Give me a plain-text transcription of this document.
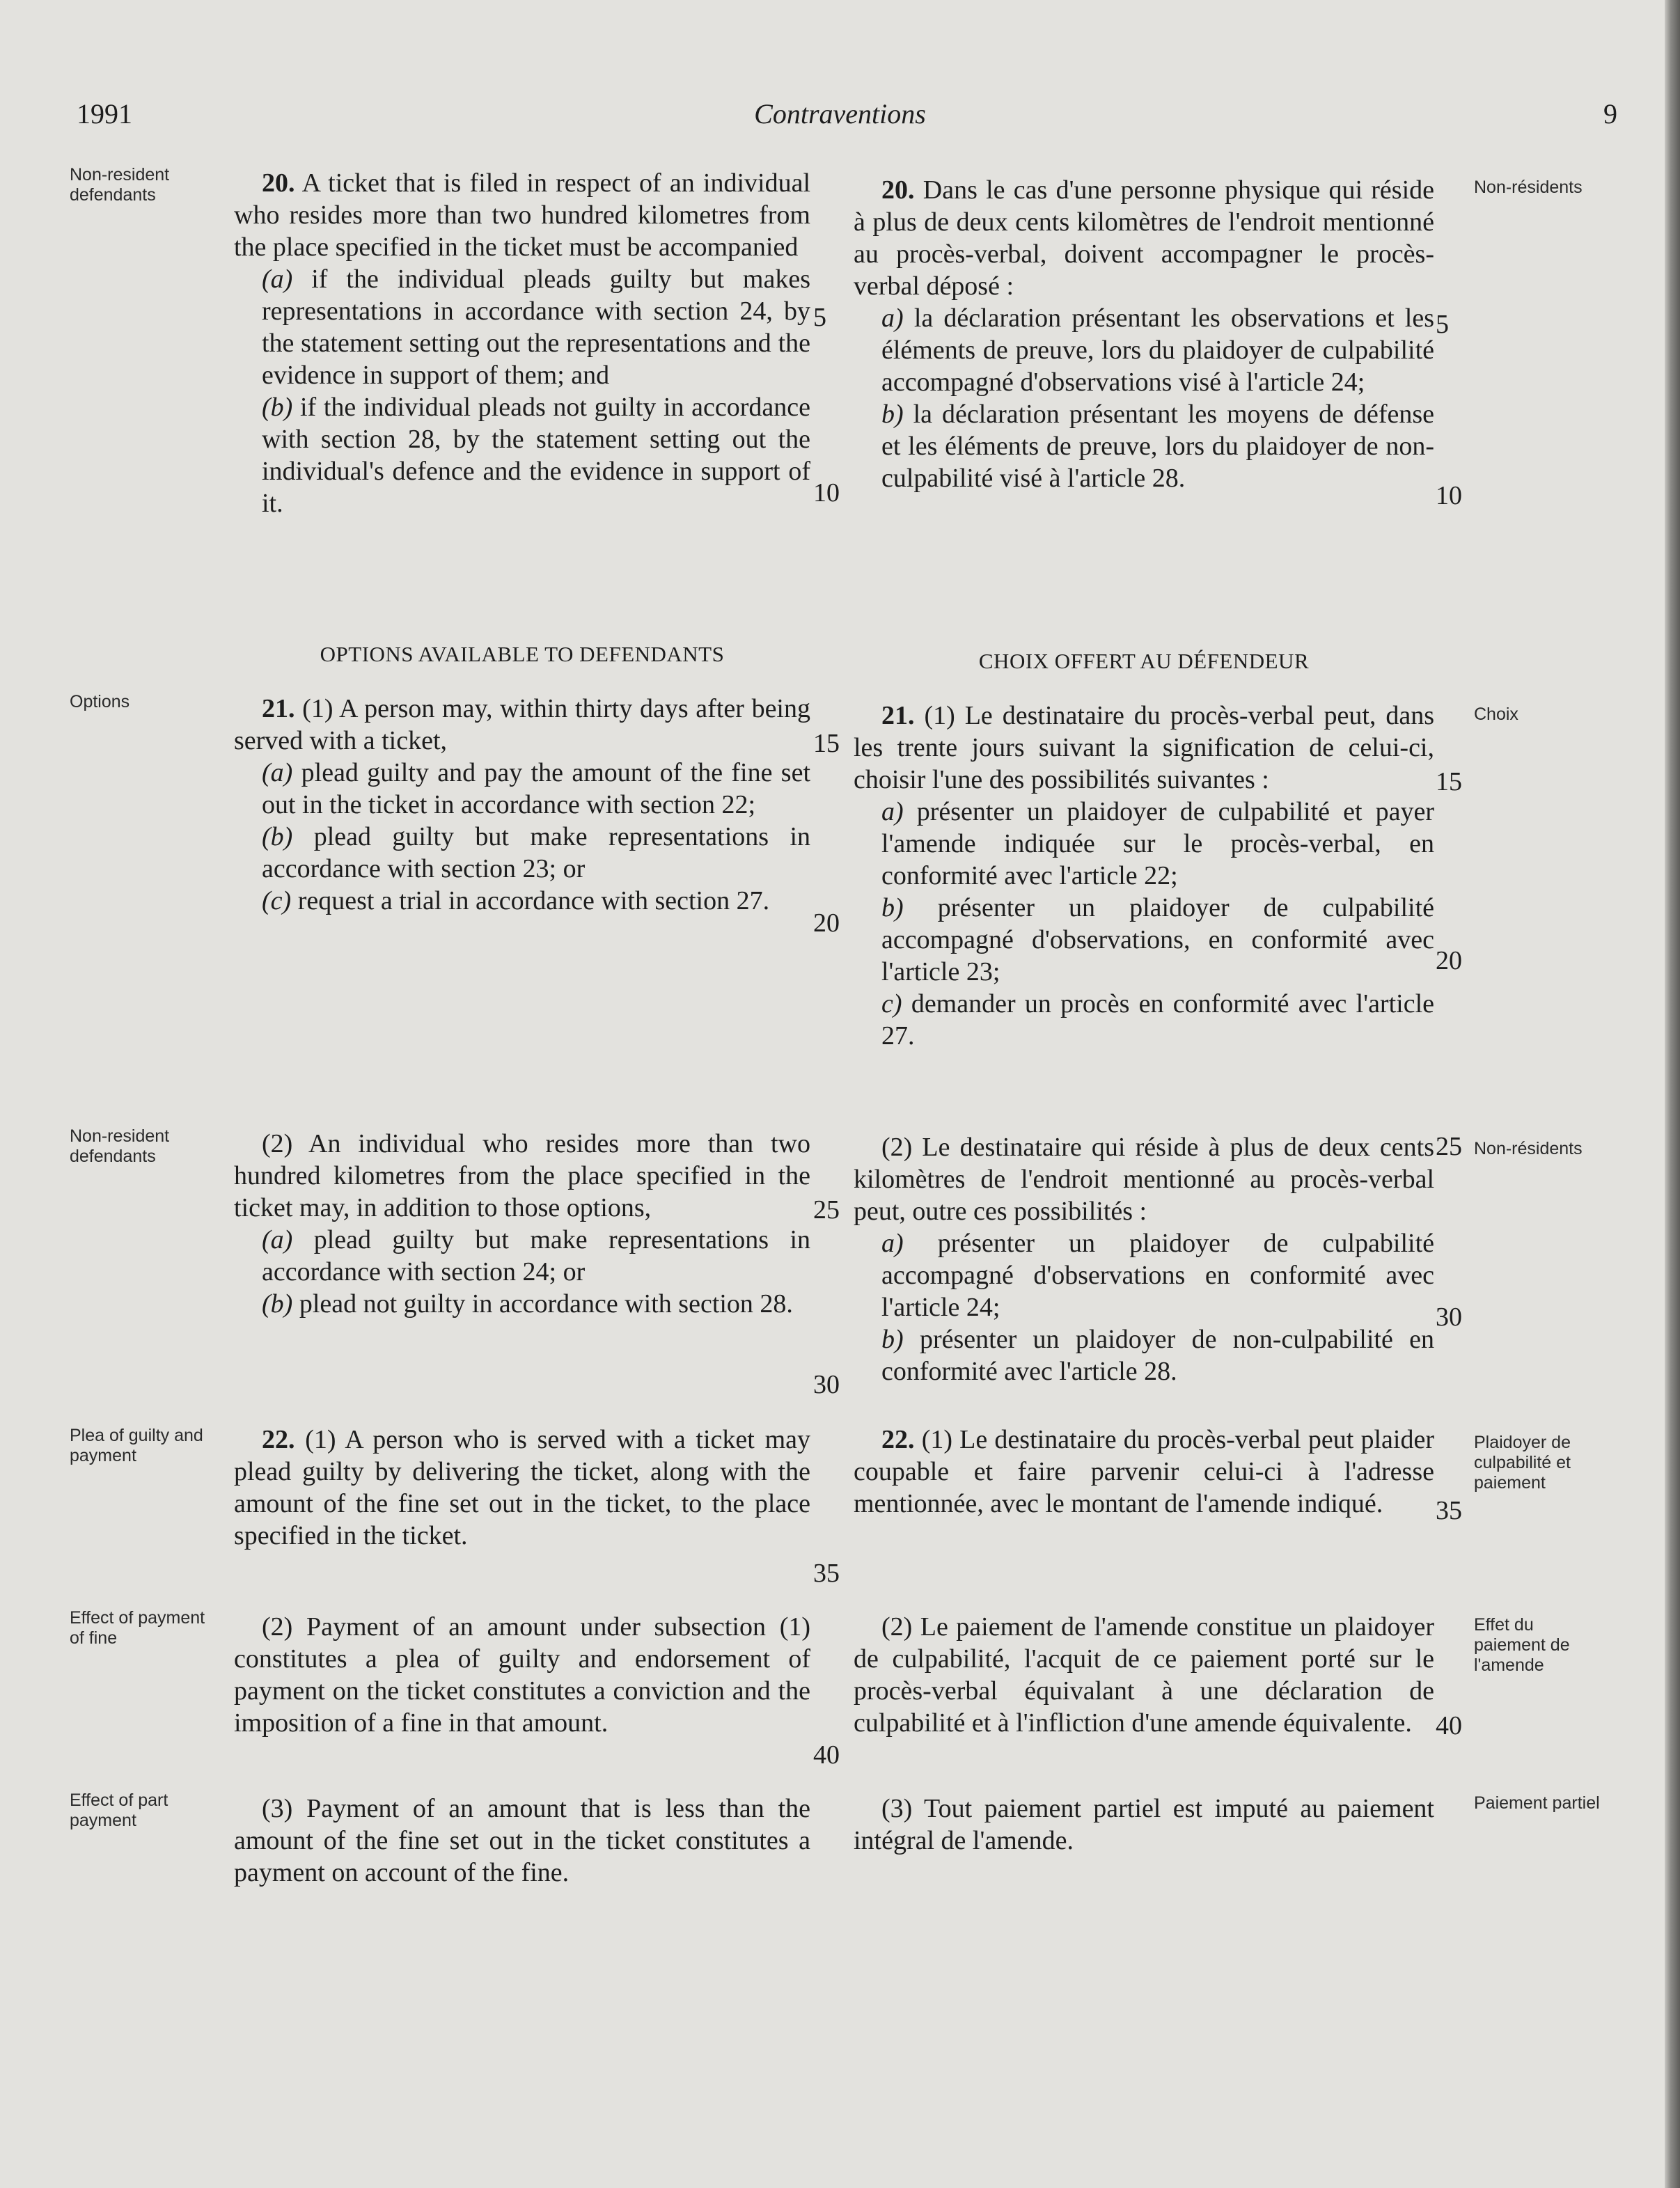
1991	Contraventions	9
Non-resident defendants
Options
Non-resident defendants
Plea of guilty and payment
Effect of payment of fine
Effect of part payment
Non-résidents
Choix
Non-résidents
Plaidoyer de culpabilité et paiement
Effet du paiement de l'amende
Paiement partiel

20. A ticket that is filed in respect of an individual who resides more than two hundred kilometres from the place specified in the ticket must be accompanied

(a) if the individual pleads guilty but makes representations in accordance with section 24, by the statement setting out the representations and the evidence in support of them; and

(b) if the individual pleads not guilty in accordance with section 28, by the statement setting out the individual's defence and the evidence in support of it.

OPTIONS AVAILABLE TO DEFENDANTS

21. (1) A person may, within thirty days after being served with a ticket,

(a) plead guilty and pay the amount of the fine set out in the ticket in accordance with section 22;

(b) plead guilty but make representations in accordance with section 23; or

(c) request a trial in accordance with section 27.

(2) An individual who resides more than two hundred kilometres from the place specified in the ticket may, in addition to those options,

(a) plead guilty but make representations in accordance with section 24; or

(b) plead not guilty in accordance with section 28.

22. (1) A person who is served with a ticket may plead guilty by delivering the ticket, along with the amount of the fine set out in the ticket, to the place specified in the ticket.

(2) Payment of an amount under subsection (1) constitutes a plea of guilty and endorsement of payment on the ticket constitutes a conviction and the imposition of a fine in that amount.

(3) Payment of an amount that is less than the amount of the fine set out in the ticket constitutes a payment on account of the fine.

20. Dans le cas d'une personne physique qui réside à plus de deux cents kilomètres de l'endroit mentionné au procès-verbal, doivent accompagner le procès-verbal déposé :

a) la déclaration présentant les observations et les éléments de preuve, lors du plaidoyer de culpabilité accompagné d'observations visé à l'article 24;

b) la déclaration présentant les moyens de défense et les éléments de preuve, lors du plaidoyer de non-culpabilité visé à l'article 28.

CHOIX OFFERT AU DÉFENDEUR

21. (1) Le destinataire du procès-verbal peut, dans les trente jours suivant la signification de celui-ci, choisir l'une des possibilités suivantes :

a) présenter un plaidoyer de culpabilité et payer l'amende indiquée sur le procès-verbal, en conformité avec l'article 22;

b) présenter un plaidoyer de culpabilité accompagné d'observations, en conformité avec l'article 23;

c) demander un procès en conformité avec l'article 27.

(2) Le destinataire qui réside à plus de deux cents kilomètres de l'endroit mentionné au procès-verbal peut, outre ces possibilités :

a) présenter un plaidoyer de culpabilité accompagné d'observations en conformité avec l'article 24;

b) présenter un plaidoyer de non-culpabilité en conformité avec l'article 28.

22. (1) Le destinataire du procès-verbal peut plaider coupable et faire parvenir celui-ci à l'adresse mentionnée, avec le montant de l'amende indiqué.

(2) Le paiement de l'amende constitue un plaidoyer de culpabilité, l'acquit de ce paiement porté sur le procès-verbal équivalant à une déclaration de culpabilité et à l'infliction d'une amende équivalente.

(3) Tout paiement partiel est imputé au paiement intégral de l'amende.

5
10
15
20
25
30
35
40
5
10
15
20
25
30
35
40
